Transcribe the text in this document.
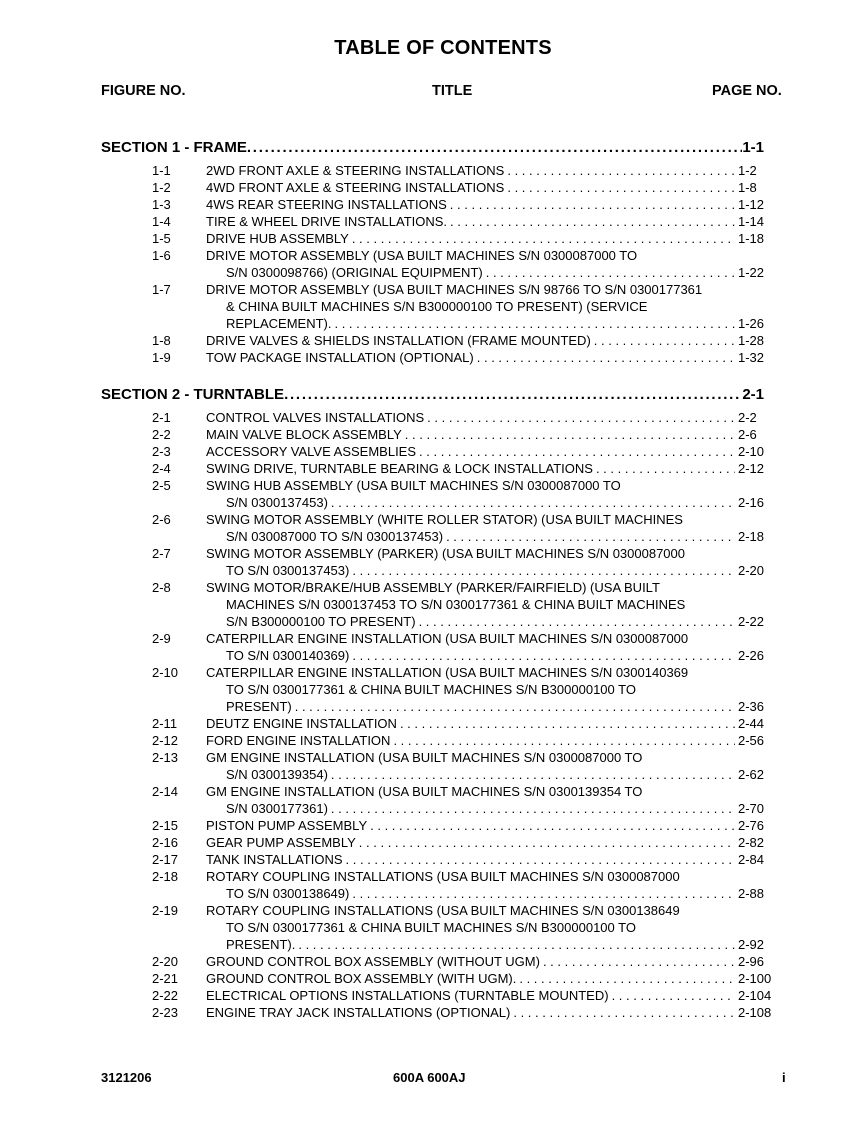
TABLE OF CONTENTS
FIGURE NO.	TITLE	PAGE NO.
SECTION 1 - FRAME . . .	1-1
1-1	2WD FRONT AXLE & STEERING INSTALLATIONS . . .	1-2
1-2	4WD FRONT AXLE & STEERING INSTALLATIONS . . .	1-8
1-3	4WS REAR STEERING INSTALLATIONS . . .	1-12
1-4	TIRE & WHEEL DRIVE INSTALLATIONS. . . .	1-14
1-5	DRIVE HUB ASSEMBLY . . .	1-18
1-6	DRIVE MOTOR ASSEMBLY (USA BUILT MACHINES S/N 0300087000 TO
S/N 0300098766) (ORIGINAL EQUIPMENT) . . .	1-22
1-7	DRIVE MOTOR ASSEMBLY (USA BUILT MACHINES S/N 98766 TO S/N 0300177361
& CHINA BUILT MACHINES S/N B300000100 TO PRESENT) (SERVICE
REPLACEMENT). . . .	1-26
1-8	DRIVE VALVES & SHIELDS INSTALLATION (FRAME MOUNTED) . . .	1-28
1-9	TOW PACKAGE INSTALLATION (OPTIONAL) . . .	1-32
SECTION 2 - TURNTABLE . . .	2-1
2-1	CONTROL VALVES INSTALLATIONS . . .	2-2
2-2	MAIN VALVE BLOCK ASSEMBLY . . .	2-6
2-3	ACCESSORY VALVE ASSEMBLIES . . .	2-10
2-4	SWING DRIVE, TURNTABLE BEARING & LOCK INSTALLATIONS . . .	2-12
2-5	SWING HUB ASSEMBLY (USA BUILT MACHINES S/N 0300087000 TO
S/N 0300137453) . . .	2-16
2-6	SWING MOTOR ASSEMBLY (WHITE ROLLER STATOR) (USA BUILT MACHINES
S/N 030087000 TO S/N 0300137453) . . .	2-18
2-7	SWING MOTOR ASSEMBLY (PARKER) (USA BUILT MACHINES S/N 0300087000
TO S/N 0300137453) . . .	2-20
2-8	SWING MOTOR/BRAKE/HUB ASSEMBLY (PARKER/FAIRFIELD) (USA BUILT
MACHINES S/N 0300137453 TO S/N 0300177361 & CHINA BUILT MACHINES
S/N B300000100 TO PRESENT) . . .	2-22
2-9	CATERPILLAR ENGINE INSTALLATION (USA BUILT MACHINES S/N 0300087000
TO S/N 0300140369) . . .	2-26
2-10 CATERPILLAR ENGINE INSTALLATION (USA BUILT MACHINES S/N 0300140369
TO S/N 0300177361 & CHINA BUILT MACHINES S/N B300000100 TO
PRESENT) . . .	2-36
2-11 DEUTZ ENGINE INSTALLATION . . .	2-44
2-12 FORD ENGINE INSTALLATION . . .	2-56
2-13 GM ENGINE INSTALLATION (USA BUILT MACHINES S/N 0300087000 TO
S/N 0300139354) . . .	2-62
2-14 GM ENGINE INSTALLATION (USA BUILT MACHINES S/N 0300139354 TO
S/N 0300177361) . . .	2-70
2-15 PISTON PUMP ASSEMBLY . . .	2-76
2-16 GEAR PUMP ASSEMBLY . . .	2-82
2-17 TANK INSTALLATIONS . . .	2-84
2-18 ROTARY COUPLING INSTALLATIONS (USA BUILT MACHINES S/N 0300087000
TO S/N 0300138649) . . .	2-88
2-19 ROTARY COUPLING INSTALLATIONS (USA BUILT MACHINES S/N 0300138649
TO S/N 0300177361 & CHINA BUILT MACHINES S/N B300000100 TO
PRESENT). . . .	2-92
2-20 GROUND CONTROL BOX ASSEMBLY (WITHOUT UGM) . . .	2-96
2-21 GROUND CONTROL BOX ASSEMBLY (WITH UGM). . . .	2-100
2-22 ELECTRICAL OPTIONS INSTALLATIONS (TURNTABLE MOUNTED) . . .	2-104
2-23 ENGINE TRAY JACK INSTALLATIONS (OPTIONAL) . . .	2-108
3121206	600A 600AJ	i
